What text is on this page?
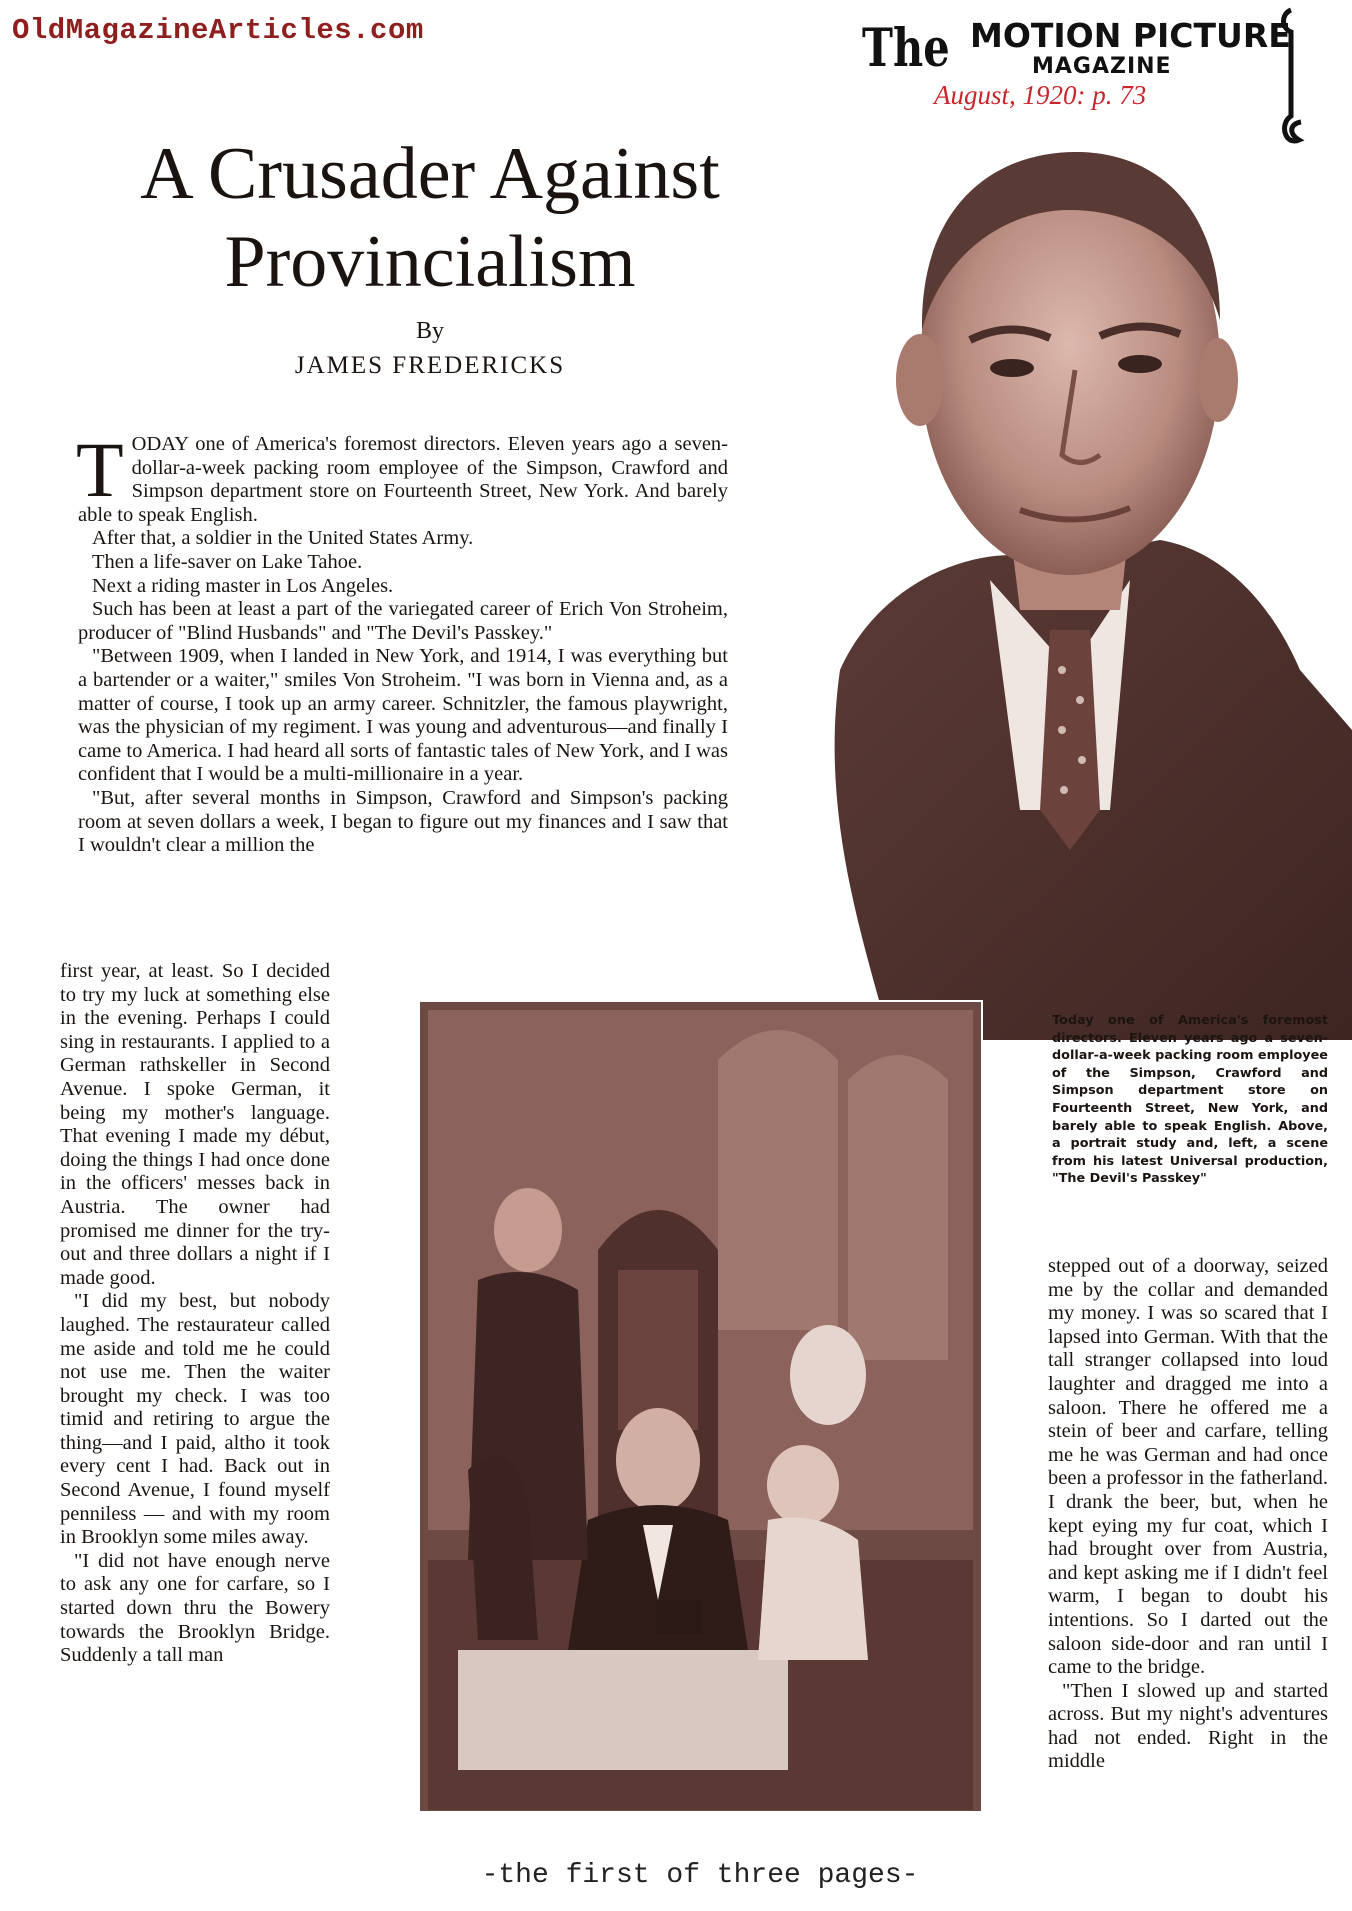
OldMagazineArticles.com	The MOTION PICTURE
MAGAZINE
August, 1920: p. 73
A Crusader Against
Provincialism
By
JAMES FREDERICKS

TODAY one of America's foremost directors. Eleven years ago a seven-dollar-a-week packing room employee of the Simpson, Crawford and Simpson department store on Fourteenth Street, New York. And barely able to speak English.

After that, a soldier in the United States Army.

Then a life-saver on Lake Tahoe.

Next a riding master in Los Angeles.

Such has been at least a part of the variegated career of Erich Von Stroheim, producer of "Blind Husbands" and "The Devil's Passkey."

"Between 1909, when I landed in New York, and 1914, I was everything but a bartender or a waiter," smiles Von Stroheim. "I was born in Vienna and, as a matter of course, I took up an army career. Schnitzler, the famous playwright, was the physician of my regiment. I was young and adventurous—and finally I came to America. I had heard all sorts of fantastic tales of New York, and I was confident that I would be a multi-millionaire in a year.

"But, after several months in Simpson, Crawford and Simpson's packing room at seven dollars a week, I began to figure out my finances and I saw that I wouldn't clear a million the

first year, at least. So I decided to try my luck at something else in the evening. Perhaps I could sing in restaurants. I applied to a German rathskeller in Second Avenue. I spoke German, it being my mother's language. That evening I made my début, doing the things I had once done in the officers' messes back in Austria. The owner had promised me dinner for the try-out and three dollars a night if I made good.

"I did my best, but nobody laughed. The restaurateur called me aside and told me he could not use me. Then the waiter brought my check. I was too timid and retiring to argue the thing—and I paid, altho it took every cent I had. Back out in Second Avenue, I found myself penniless — and with my room in Brooklyn some miles away.

"I did not have enough nerve to ask any one for carfare, so I started down thru the Bowery towards the Brooklyn Bridge. Suddenly a tall man

Today one of America's foremost directors. Eleven years ago a seven-dollar-a-week packing room employee of the Simpson, Crawford and Simpson department store on Fourteenth Street, New York, and barely able to speak English. Above, a portrait study and, left, a scene from his latest Universal production, "The Devil's Passkey"

stepped out of a doorway, seized me by the collar and demanded my money. I was so scared that I lapsed into German. With that the tall stranger collapsed into loud laughter and dragged me into a saloon. There he offered me a stein of beer and carfare, telling me he was German and had once been a professor in the fatherland. I drank the beer, but, when he kept eying my fur coat, which I had brought over from Austria, and kept asking me if I didn't feel warm, I began to doubt his intentions. So I darted out the saloon side-door and ran until I came to the bridge.

"Then I slowed up and started across. But my night's adventures had not ended. Right in the middle

-the first of three pages-
